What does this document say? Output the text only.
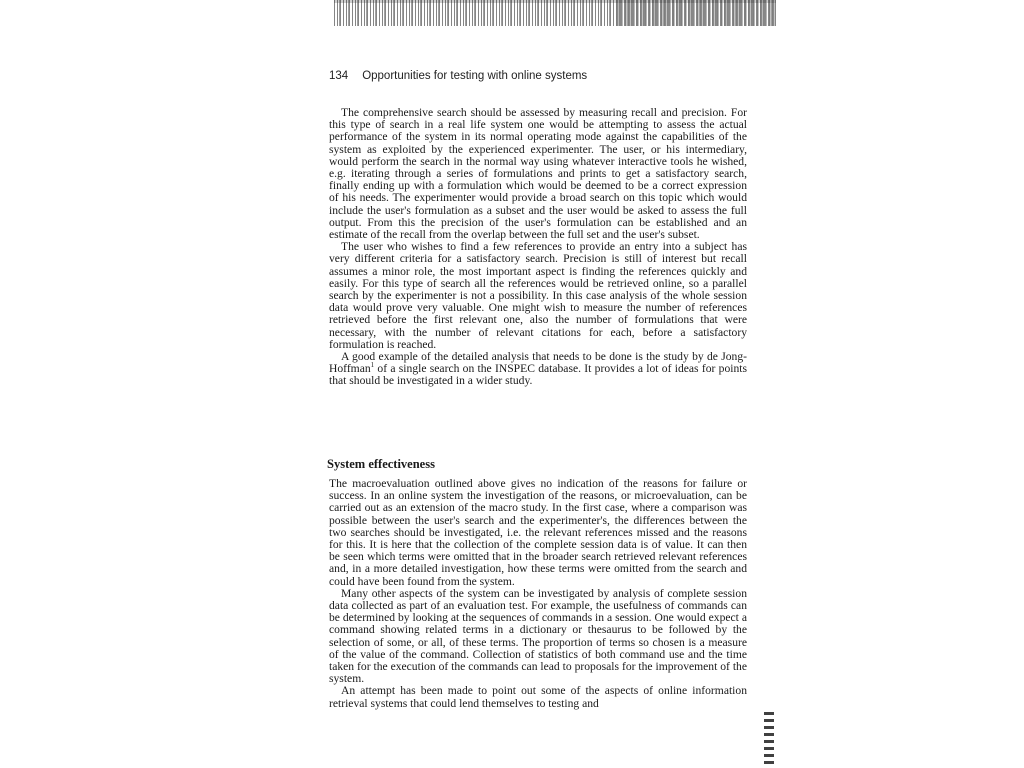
134 Opportunities for testing with online systems

The comprehensive search should be assessed by measuring recall and precision. For this type of search in a real life system one would be attempting to assess the actual performance of the system in its normal operating mode against the capabilities of the system as exploited by the experienced experimenter. The user, or his intermediary, would perform the search in the normal way using whatever interactive tools he wished, e.g. iterating through a series of formulations and prints to get a satisfactory search, finally ending up with a formulation which would be deemed to be a correct expression of his needs. The experimenter would provide a broad search on this topic which would include the user's formulation as a subset and the user would be asked to assess the full output. From this the precision of the user's formulation can be established and an estimate of the recall from the overlap between the full set and the user's subset.

The user who wishes to find a few references to provide an entry into a subject has very different criteria for a satisfactory search. Precision is still of interest but recall assumes a minor role, the most important aspect is finding the references quickly and easily. For this type of search all the references would be retrieved online, so a parallel search by the experimenter is not a possibility. In this case analysis of the whole session data would prove very valuable. One might wish to measure the number of references retrieved before the first relevant one, also the number of formulations that were necessary, with the number of relevant citations for each, before a satisfactory formulation is reached.

A good example of the detailed analysis that needs to be done is the study by de Jong-Hoffman$^1$ of a single search on the INSPEC database. It provides a lot of ideas for points that should be investigated in a wider study.

System effectiveness

The macroevaluation outlined above gives no indication of the reasons for failure or success. In an online system the investigation of the reasons, or microevaluation, can be carried out as an extension of the macro study. In the first case, where a comparison was possible between the user's search and the experimenter's, the differences between the two searches should be investigated, i.e. the relevant references missed and the reasons for this. It is here that the collection of the complete session data is of value. It can then be seen which terms were omitted that in the broader search retrieved relevant references and, in a more detailed investigation, how these terms were omitted from the search and could have been found from the system.

Many other aspects of the system can be investigated by analysis of complete session data collected as part of an evaluation test. For example, the usefulness of commands can be determined by looking at the sequences of commands in a session. One would expect a command showing related terms in a dictionary or thesaurus to be followed by the selection of some, or all, of these terms. The proportion of terms so chosen is a measure of the value of the command. Collection of statistics of both command use and the time taken for the execution of the commands can lead to proposals for the improvement of the system.

An attempt has been made to point out some of the aspects of online information retrieval systems that could lend themselves to testing and
